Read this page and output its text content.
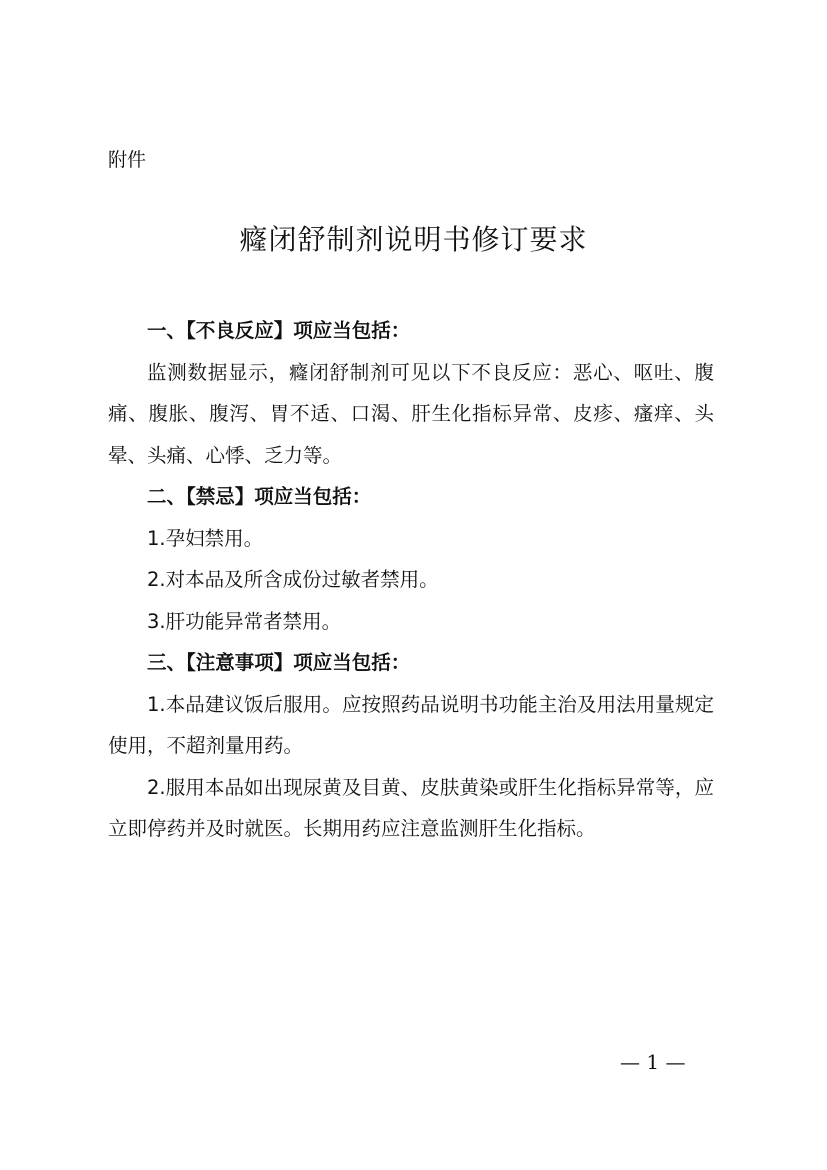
附件
癃闭舒制剂说明书修订要求

一、【不良反应】项应当包括：

监测数据显示，癃闭舒制剂可见以下不良反应：恶心、呕吐、腹痛、腹胀、腹泻、胃不适、口渴、肝生化指标异常、皮疹、瘙痒、头晕、头痛、心悸、乏力等。

二、【禁忌】项应当包括：

1.孕妇禁用。

2.对本品及所含成份过敏者禁用。

3.肝功能异常者禁用。

三、【注意事项】项应当包括：

1.本品建议饭后服用。应按照药品说明书功能主治及用法用量规定使用，不超剂量用药。

2.服用本品如出现尿黄及目黄、皮肤黄染或肝生化指标异常等，应立即停药并及时就医。长期用药应注意监测肝生化指标。

— 1 —
